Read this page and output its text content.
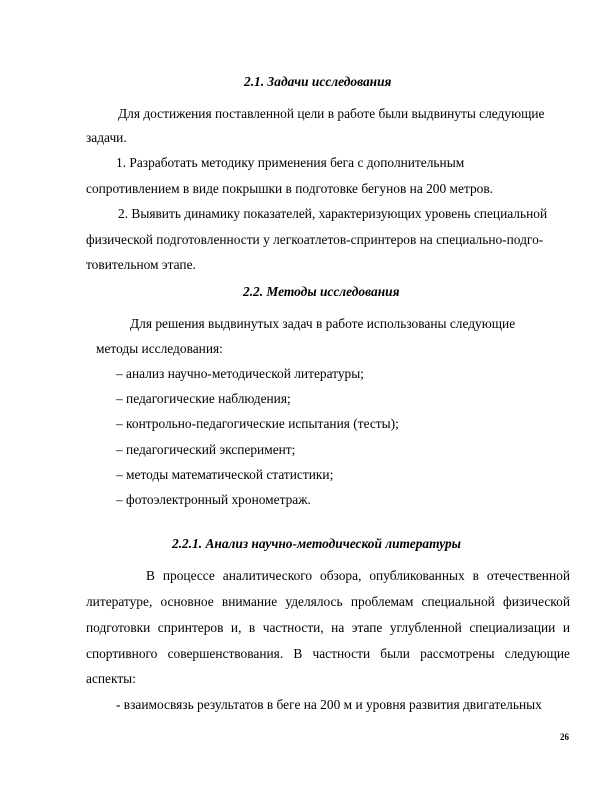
2.1. Задачи исследования
Для достижения поставленной цели в работе были выдвинуты следующие
задачи.
1. Разработать методику применения бега с дополнительным
сопротивлением в виде покрышки в подготовке бегунов на 200 метров.
2. Выявить динамику показателей, характеризующих уровень специальной
физической подготовленности у легкоатлетов-спринтеров на специально-подго-
товительном этапе.
2.2. Методы исследования
Для решения выдвинутых задач в работе использованы следующие
методы исследования:
– анализ научно-методической литературы;
– педагогические наблюдения;
– контрольно-педагогические испытания (тесты);
– педагогический эксперимент;
– методы математической статистики;
– фотоэлектронный хронометраж.
2.2.1. Анализ научно-методической литературы
В процессе аналитического обзора, опубликованных в отечественной
литературе, основное внимание уделялось проблемам специальной физической
подготовки спринтеров и, в частности, на этапе углубленной специализации и
спортивного совершенствования. В частности были рассмотрены следующие
аспекты:
- взаимосвязь результатов в беге на 200 м и уровня развития двигательных
26
